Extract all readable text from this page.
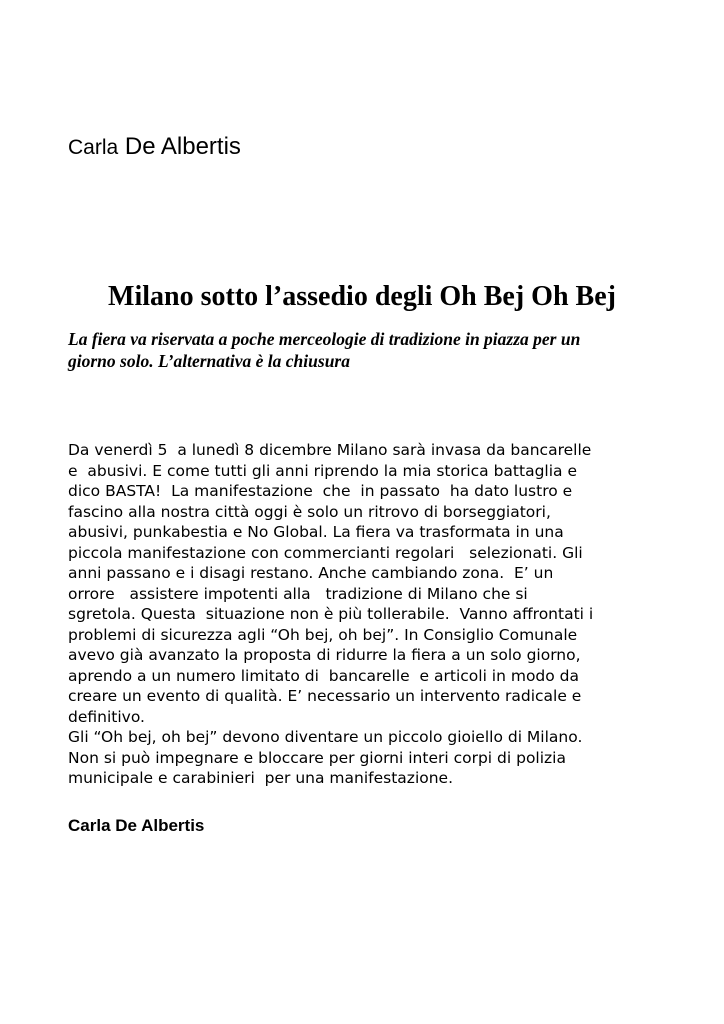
Carla De Albertis

Milano sotto l’assedio degli Oh Bej Oh Bej
La fiera va riservata a poche merceologie di tradizione in piazza per un
giorno solo. L’alternativa è la chiusura
Da venerdì 5  a lunedì 8 dicembre Milano sarà invasa da bancarelle
e  abusivi. E come tutti gli anni riprendo la mia storica battaglia e
dico BASTA!  La manifestazione  che  in passato  ha dato lustro e
fascino alla nostra città oggi è solo un ritrovo di borseggiatori,
abusivi, punkabestia e No Global. La fiera va trasformata in una
piccola manifestazione con commercianti regolari   selezionati. Gli
anni passano e i disagi restano. Anche cambiando zona.  E’ un
orrore   assistere impotenti alla   tradizione di Milano che si
sgretola. Questa  situazione non è più tollerabile.  Vanno affrontati i
problemi di sicurezza agli “Oh bej, oh bej”. In Consiglio Comunale
avevo già avanzato la proposta di ridurre la fiera a un solo giorno,
aprendo a un numero limitato di  bancarelle  e articoli in modo da
creare un evento di qualità. E’ necessario un intervento radicale e
definitivo.
Gli “Oh bej, oh bej” devono diventare un piccolo gioiello di Milano.
Non si può impegnare e bloccare per giorni interi corpi di polizia
municipale e carabinieri  per una manifestazione.

Carla De Albertis
